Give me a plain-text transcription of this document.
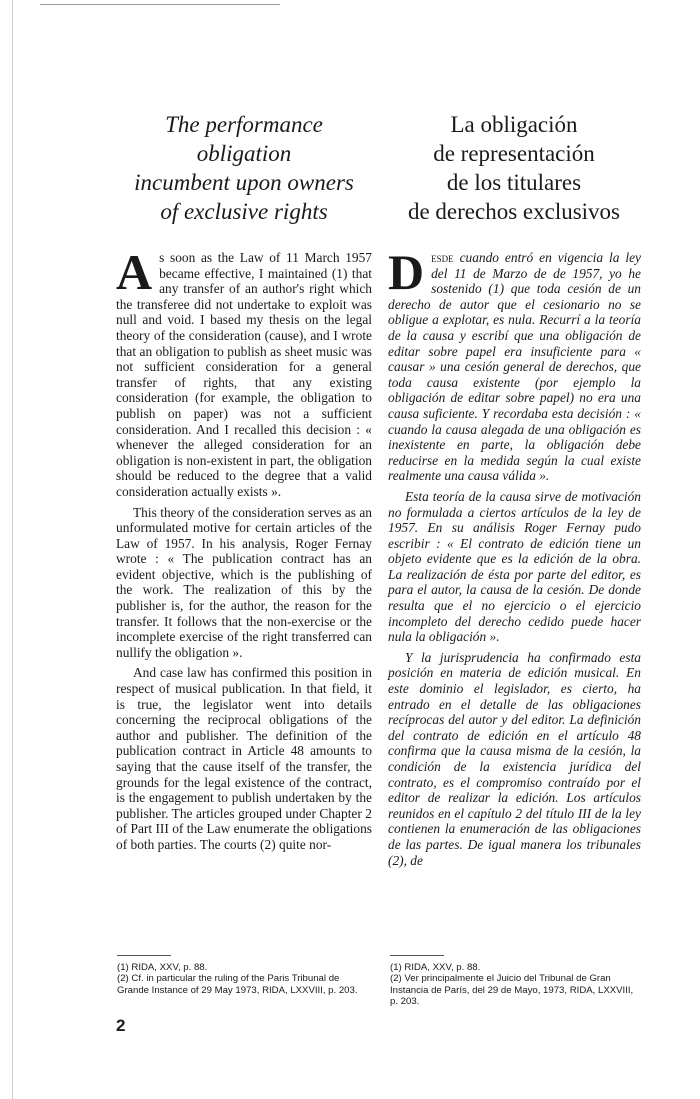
The performance
obligation
incumbent upon owners
of exclusive rights
La obligación
de representación
de los titulares
de derechos exclusivos

As soon as the Law of 11 March 1957 became effective, I maintained (1) that any transfer of an author's right which the transferee did not undertake to exploit was null and void. I based my thesis on the legal theory of the consideration (cause), and I wrote that an obligation to publish as sheet music was not sufficient consideration for a general transfer of rights, that any existing consideration (for example, the obligation to publish on paper) was not a sufficient consideration. And I recalled this decision : « whenever the alleged consideration for an obligation is non-existent in part, the obligation should be reduced to the degree that a valid consideration actually exists ».

This theory of the consideration serves as an unformulated motive for certain articles of the Law of 1957. In his analysis, Roger Fernay wrote : « The publication contract has an evident objective, which is the publishing of the work. The realization of this by the publisher is, for the author, the reason for the transfer. It follows that the non-exercise or the incomplete exercise of the right transferred can nullify the obligation ».

And case law has confirmed this position in respect of musical publication. In that field, it is true, the legislator went into details concerning the reciprocal obligations of the author and publisher. The definition of the publication contract in Article 48 amounts to saying that the cause itself of the transfer, the grounds for the legal existence of the contract, is the engagement to publish undertaken by the publisher. The articles grouped under Chapter 2 of Part III of the Law enumerate the obligations of both parties. The courts (2) quite nor-

Desde cuando entró en vigencia la ley del 11 de Marzo de de 1957, yo he sostenido (1) que toda cesión de un derecho de autor que el cesionario no se obligue a explotar, es nula. Recurrí a la teoría de la causa y escribí que una obligación de editar sobre papel era insuficiente para « causar » una cesión general de derechos, que toda causa existente (por ejemplo la obligación de editar sobre papel) no era una causa suficiente. Y recordaba esta decisión : « cuando la causa alegada de una obligación es inexistente en parte, la obligación debe reducirse en la medida según la cual existe realmente una causa válida ».

Esta teoría de la causa sirve de motivación no formulada a ciertos artículos de la ley de 1957. En su análisis Roger Fernay pudo escribir : « El contrato de edición tiene un objeto evidente que es la edición de la obra. La realización de ésta por parte del editor, es para el autor, la causa de la cesión. De donde resulta que el no ejercicio o el ejercicio incompleto del derecho cedido puede hacer nula la obligación ».

Y la jurisprudencia ha confirmado esta posición en materia de edición musical. En este dominio el legislador, es cierto, ha entrado en el detalle de las obligaciones recíprocas del autor y del editor. La definición del contrato de edición en el artículo 48 confirma que la causa misma de la cesión, la condición de la existencia jurídica del contrato, es el compromiso contraído por el editor de realizar la edición. Los artículos reunidos en el capítulo 2 del título III de la ley contienen la enumeración de las obligaciones de las partes. De igual manera los tribunales (2), de

(1) RIDA, XXV, p. 88.
(2) Cf. in particular the ruling of the Paris Tribunal de Grande Instance of 29 May 1973, RIDA, LXXVIII, p. 203.
(1) RIDA, XXV, p. 88.
(2) Ver principalmente el Juicio del Tribunal de Gran Instancia de París, del 29 de Mayo, 1973, RIDA, LXXVIII, p. 203.
2
